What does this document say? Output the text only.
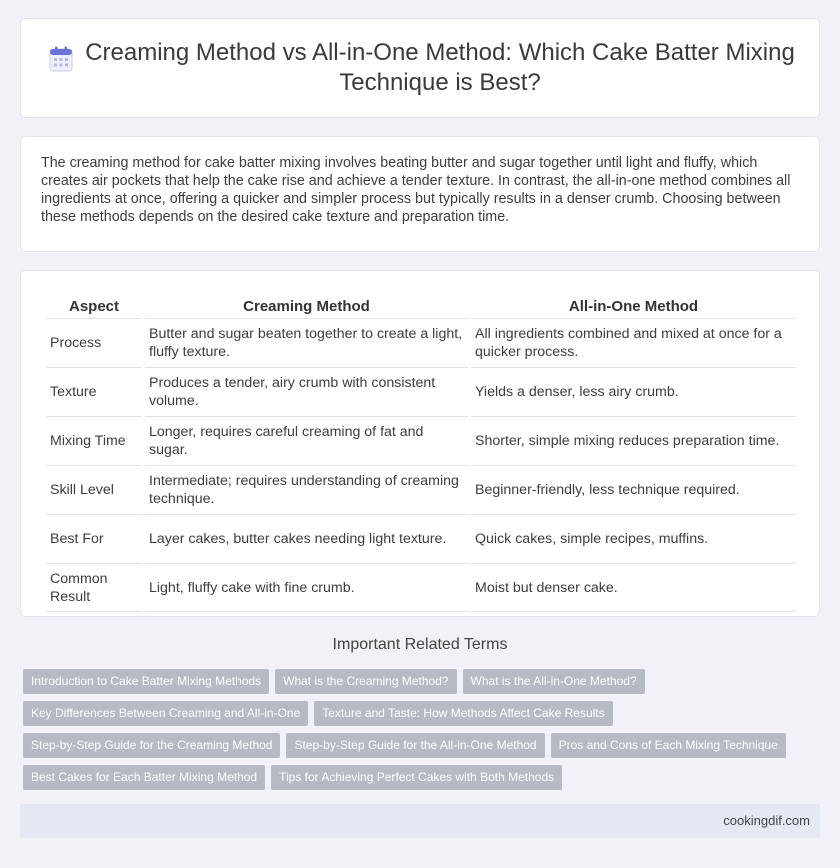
Creaming Method vs All-in-One Method: Which Cake Batter Mixing Technique is Best?

The creaming method for cake batter mixing involves beating butter and sugar together until light and fluffy, which creates air pockets that help the cake rise and achieve a tender texture. In contrast, the all-in-one method combines all ingredients at once, offering a quicker and simpler process but typically results in a denser crumb. Choosing between these methods depends on the desired cake texture and preparation time.

Aspect	Creaming Method	All-in-One Method
Process	Butter and sugar beaten together to create a light, fluffy texture.	All ingredients combined and mixed at once for a quicker process.
Texture	Produces a tender, airy crumb with consistent volume.	Yields a denser, less airy crumb.
Mixing Time	Longer, requires careful creaming of fat and sugar.	Shorter, simple mixing reduces preparation time.
Skill Level	Intermediate; requires understanding of creaming technique.	Beginner-friendly, less technique required.
Best For	Layer cakes, butter cakes needing light texture.	Quick cakes, simple recipes, muffins.
Common Result	Light, fluffy cake with fine crumb.	Moist but denser cake.
Important Related Terms
Introduction to Cake Batter Mixing Methods What is the Creaming Method? What is the All-in-One Method?
Key Differences Between Creaming and All-in-One Texture and Taste: How Methods Affect Cake Results
Step-by-Step Guide for the Creaming Method Step-by-Step Guide for the All-in-One Method Pros and Cons of Each Mixing Technique
Best Cakes for Each Batter Mixing Method Tips for Achieving Perfect Cakes with Both Methods
cookingdif.com
